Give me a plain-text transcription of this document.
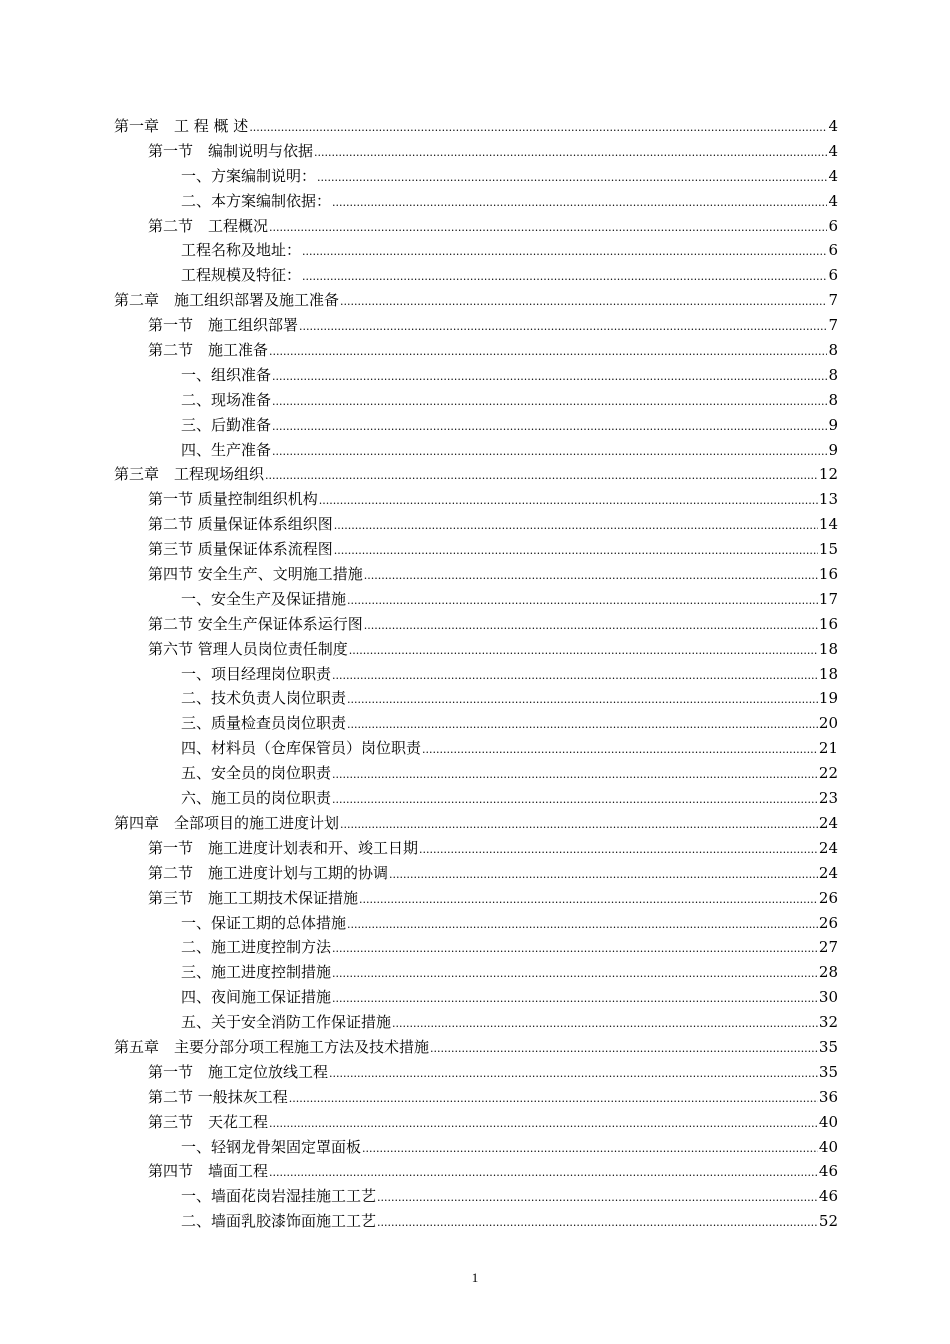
第一章　工 程 概 述 .....	4
第一节　编制说明与依据 .....	4
一、方案编制说明： .....	4
二、本方案编制依据： .....	4
第二节　工程概况 .....	6
工程名称及地址： .....	6
工程规模及特征： .....	6
第二章　施工组织部署及施工准备 .....	7
第一节　施工组织部署 .....	7
第二节　施工准备 .....	8
一、组织准备 .....	8
二、现场准备 .....	8
三、后勤准备 .....	9
四、生产准备 .....	9
第三章　工程现场组织 .....	12
第一节 质量控制组织机构 .....	13
第二节 质量保证体系组织图 .....	14
第三节 质量保证体系流程图 .....	15
第四节 安全生产、文明施工措施 .....	16
一、安全生产及保证措施 .....	17
第二节 安全生产保证体系运行图 .....	16
第六节 管理人员岗位责任制度 .....	18
一、项目经理岗位职责 .....	18
二、技术负责人岗位职责 .....	19
三、质量检查员岗位职责 .....	20
四、材料员（仓库保管员）岗位职责 .....	21
五、安全员的岗位职责 .....	22
六、施工员的岗位职责 .....	23
第四章　全部项目的施工进度计划 .....	24
第一节　施工进度计划表和开、竣工日期 .....	24
第二节　施工进度计划与工期的协调 .....	24
第三节　施工工期技术保证措施 .....	26
一、保证工期的总体措施 .....	26
二、施工进度控制方法 .....	27
三、施工进度控制措施 .....	28
四、夜间施工保证措施 .....	30
五、关于安全消防工作保证措施 .....	32
第五章　主要分部分项工程施工方法及技术措施 .....	35
第一节　施工定位放线工程 .....	35
第二节 一般抹灰工程 .....	36
第三节　天花工程 .....	40
一、轻钢龙骨架固定罩面板 .....	40
第四节　墙面工程 .....	46
一、墙面花岗岩湿挂施工工艺 .....	46
二、墙面乳胶漆饰面施工工艺 .....	52
1
